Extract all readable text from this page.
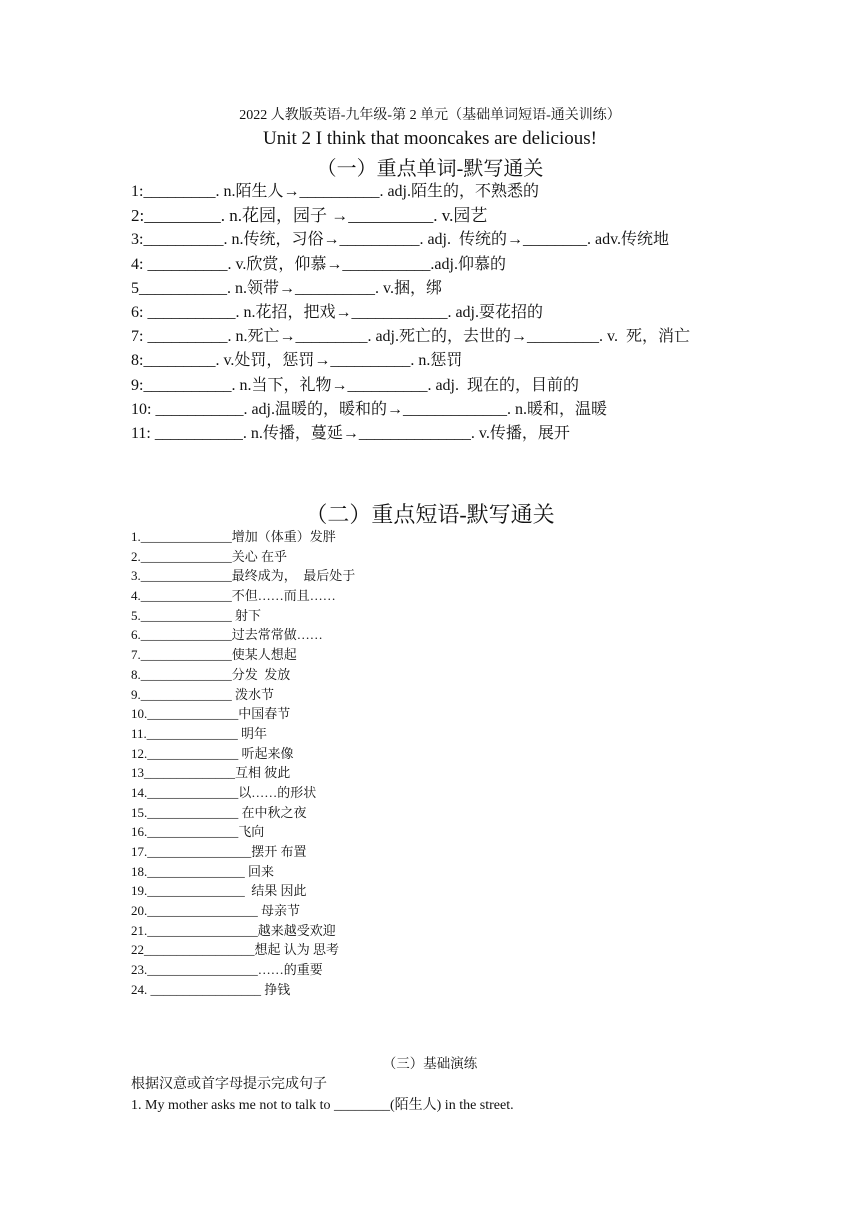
2022 人教版英语-九年级-第 2 单元（基础单词短语-通关训练）
Unit 2 I think that mooncakes are delicious!
（一）重点单词-默写通关
1:_________. n.陌生人→__________. adj.陌生的，不熟悉的
2:_________. n.花园，园子 →__________. v.园艺
3:__________. n.传统，习俗→__________. adj.  传统的→________. adv.传统地
4: __________. v.欣赏，仰慕→___________.adj.仰慕的
5___________. n.领带→__________. v.捆，绑
6: ___________. n.花招，把戏→____________. adj.耍花招的
7: __________. n.死亡→_________. adj.死亡的，去世的→_________. v.  死，消亡
8:_________. v.处罚，惩罚→__________. n.惩罚
9:___________. n.当下，礼物→__________. adj.  现在的，目前的
10: ___________. adj.温暖的，暖和的→_____________. n.暖和，温暖
11: ___________. n.传播，蔓延→______________. v.传播，展开
（二）重点短语-默写通关
1.______________增加（体重）发胖
2.______________关心 在乎
3.______________最终成为，  最后处于
4.______________不但……而且……
5.______________ 射下
6.______________过去常常做……
7.______________使某人想起
8.______________分发  发放
9.______________ 泼水节
10.______________中国春节
11.______________ 明年
12.______________ 听起来像
13______________互相 彼此
14.______________以……的形状
15.______________ 在中秋之夜
16.______________飞向
17.________________摆开 布置
18._______________ 回来
19._______________  结果 因此
20._________________ 母亲节
21._________________越来越受欢迎
22_________________想起 认为 思考
23._________________……的重要
24. _________________ 挣钱
（三）基础演练
根据汉意或首字母提示完成句子
1. My mother asks me not to talk to ________(陌生人) in the street.
